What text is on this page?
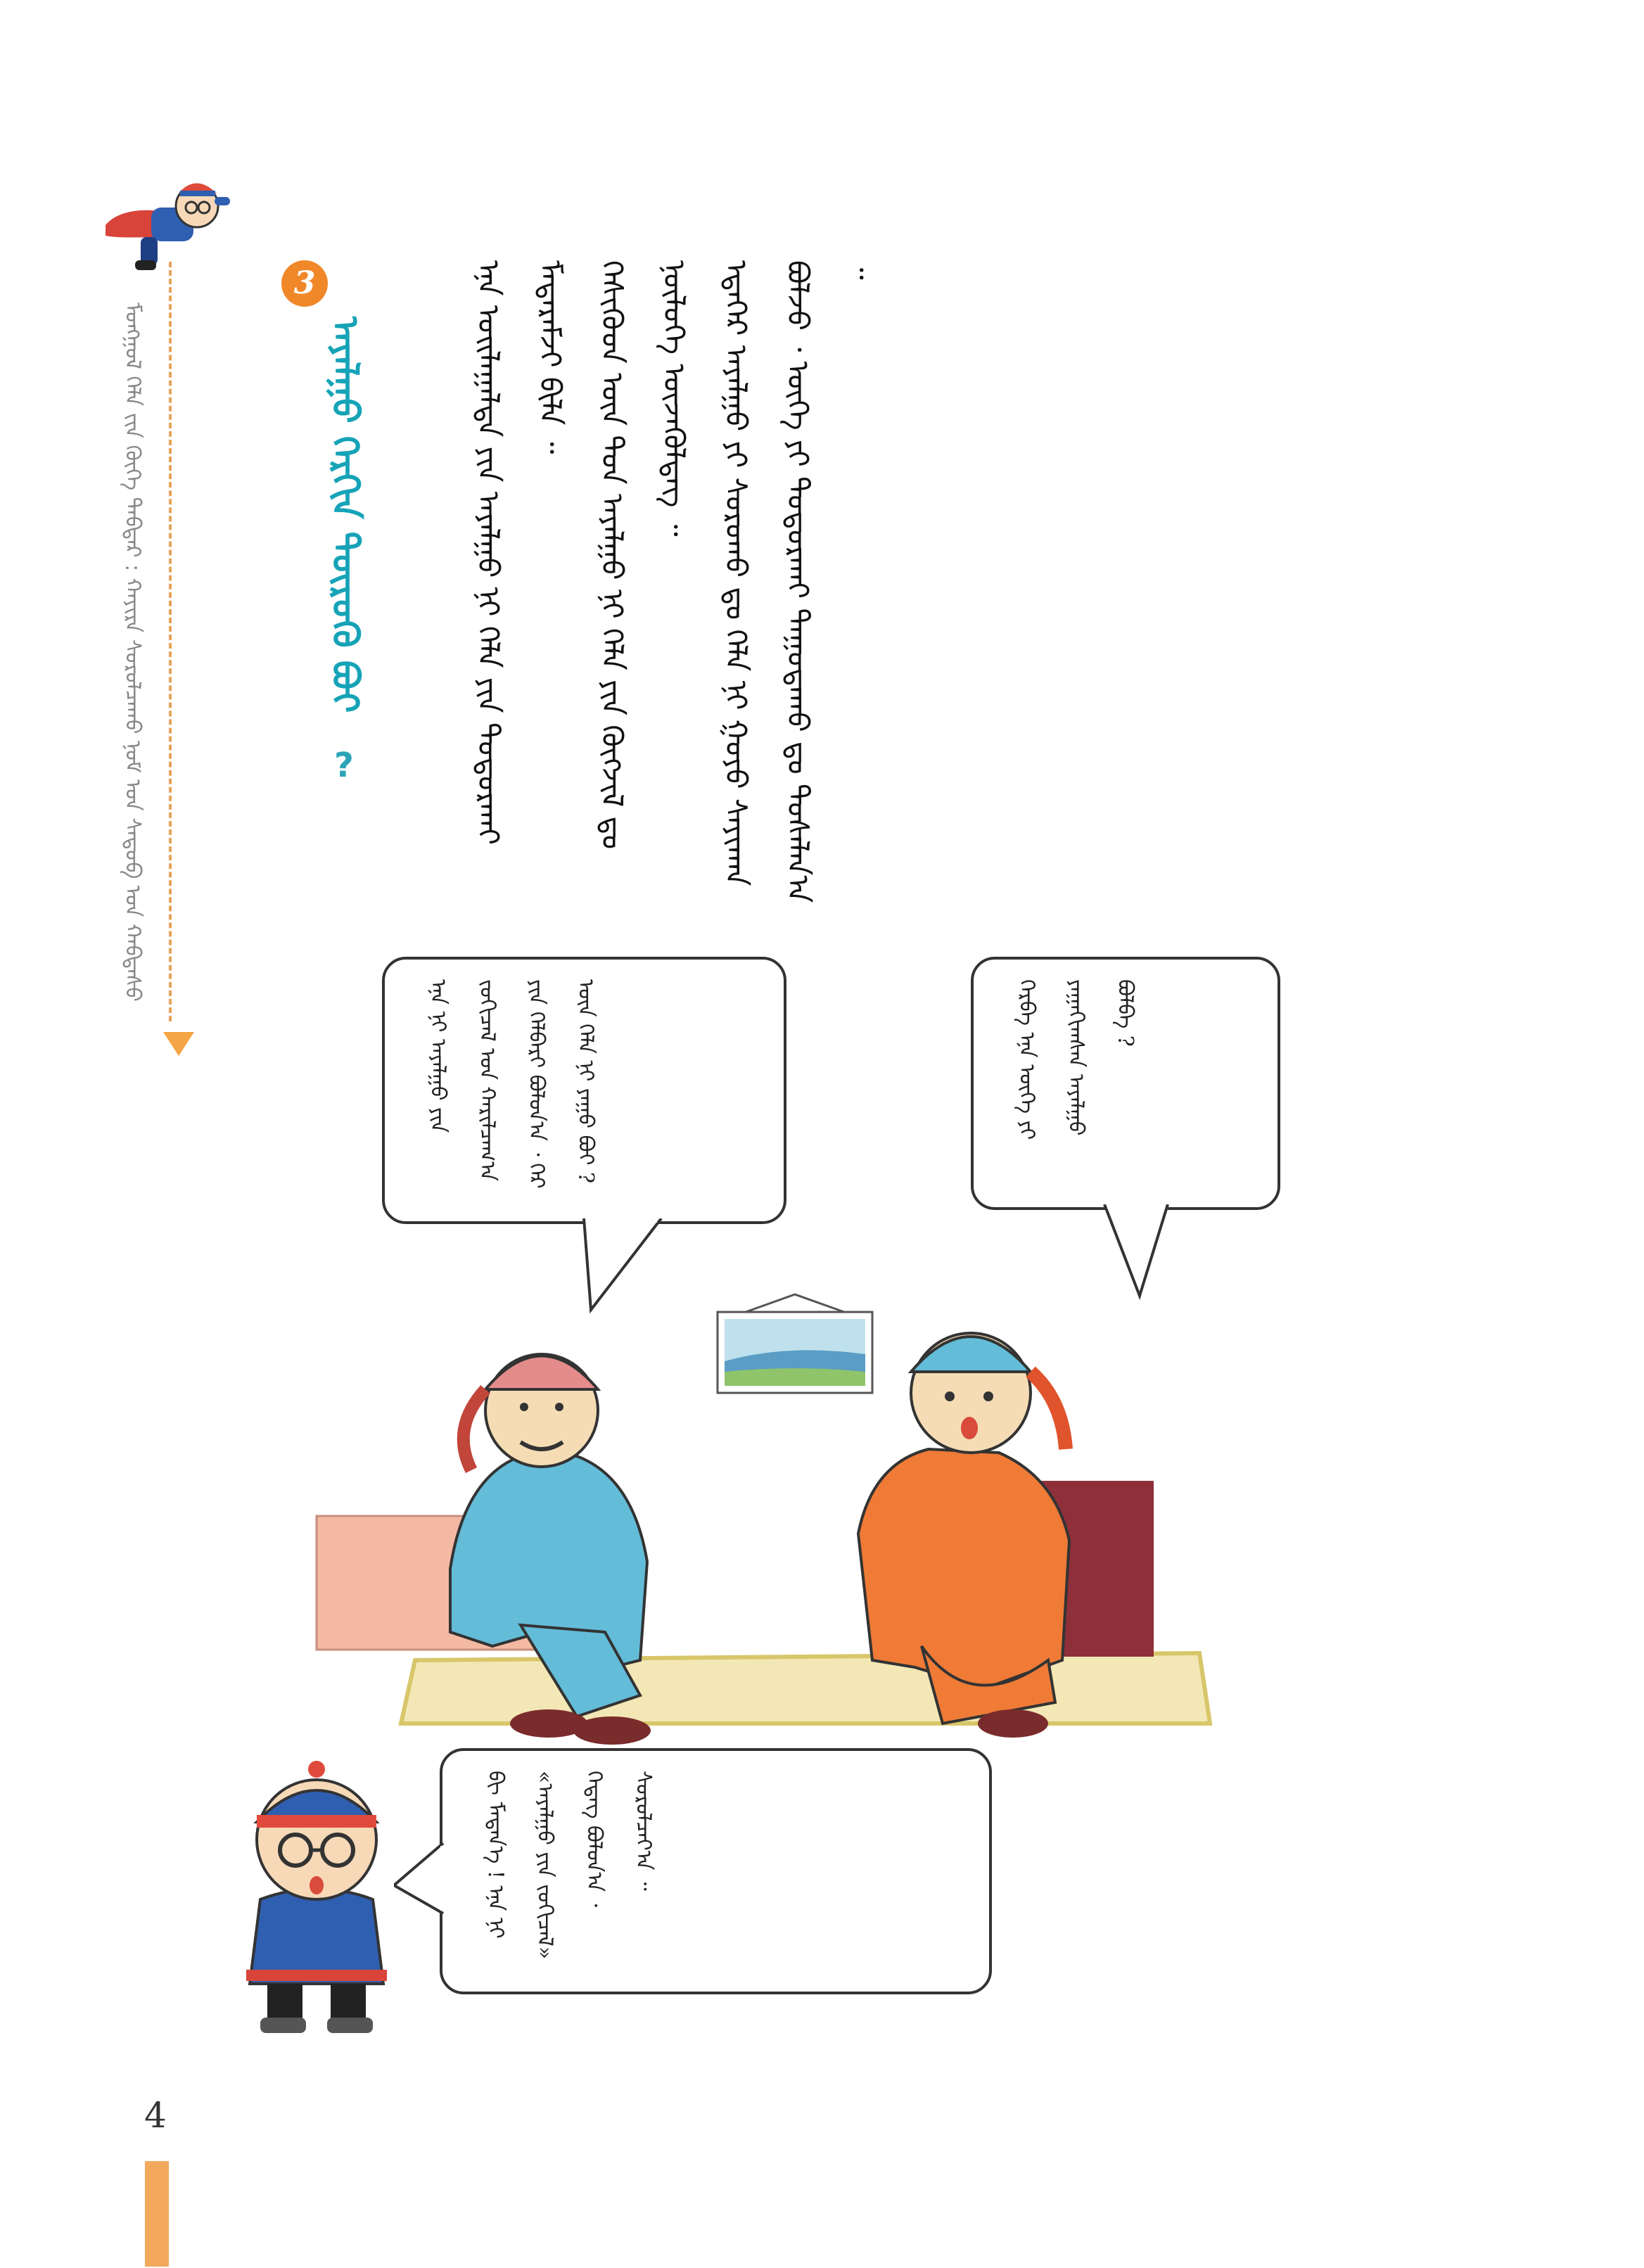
ᠮᠣᠩᠭᠣᠯ ᠬᠡᠯᠡ ᠵᠢᠨ ᠬᠥᠬᠡ ᠳᠡᠪᠲᠡᠷ : ᠬᠠᠶᠢᠷᠠ ᠰᠤᠷᠤᠯᠴᠠᠬᠤ ᠨᠣᠮ ᠤᠨ ᠰᠡᠳᠦᠪ ᠤᠨ ᠬᠠᠪᠲᠠᠰᠤ
3
ᠠᠶᠠᠯᠭᠤ ᠬᠡᠷᠬᠢᠨ ᠲᠥᠷᠥᠬᠦ ᠪᠤᠢ
?	ᠡᠨᠡ ᠣᠢᠯᠠᠭᠠᠯᠲᠠ ᠶᠢᠨ ᠠᠶᠠᠯᠭᠤ ᠨᠢ ᠬᠡᠯᠡ ᠶᠢᠨ ᠳᠤᠳᠤᠷᠬᠠᠢ ᠮᠡᠳᠡᠷᠡᠮᠵᠢ ᠪᠢᠯᠡ ᠃ ᠭᠡᠰᠢᠭᠦᠳ ᠦᠨ ᠳᠤᠨ ᠠᠶᠠᠯᠭᠤ ᠨᠢ ᠬᠡᠯᠡ ᠶᠢᠨ ᠬᠥᠭᠵᠢᠯ ᠳᠤ ᠨᠥᠯᠦᠭᠡ ᠦᠵᠡᠭᠦᠯᠳᠡᠭ ᠃ ᠡᠳᠡᠭᠡᠷ ᠠᠶᠠᠯᠭᠤ ᠶᠢ ᠰᠤᠷᠤᠬᠤ ᠳᠤ ᠬᠡᠯᠡ ᠨᠢ ᠭᠣᠶᠣ ᠰᠠᠶᠢᠬᠠᠨ ᠪᠣᠯᠵᠤ ᠂ ᠦᠭᠡ ᠶᠢ ᠲᠣᠳᠤᠷᠬᠠᠢ ᠳᠠᠭᠤᠳᠠᠬᠤ ᠳᠤ ᠲᠤᠰᠠᠯᠠᠨ᠎ᠠ ᠃

ᠬᠡᠷᠪᠡ ᠡᠨᠡ ᠦᠭᠡ ᠶᠢ ᠶᠠᠭᠠᠬᠢᠭᠰᠠᠨ ᠠᠶᠠᠯᠭᠤ ᠪᠣᠯᠪᠠ ?
ᠡᠨᠡ ᠨᠢ ᠠᠶᠠᠯᠭᠤ ᠶᠢᠨ ᠵᠣᠬᠢᠴᠠᠯ ᠤᠨ ᠬᠠᠷᠢᠯᠴᠠᠭ᠎ᠠ ᠶᠢᠨ ᠬᠡᠯᠪᠡᠷᠢ ᠪᠣᠯᠤᠨ᠎ᠠ ᠂ ᠭᠡᠷ ᠦᠨ ᠬᠡᠯᠡ ᠨᠢ ᠶᠠᠭᠤ ᠪᠣᠢ ?
ᠪᠢ ᠮᠡᠳᠡᠨ᠎ᠡ ! ᠡᠨᠡ ᠨᠢ «ᠠᠶᠠᠯᠭᠤ ᠶᠢᠨ ᠵᠣᠬᠢᠴᠠᠯ» ᠭᠡᠳᠡᠭ ᠪᠣᠯᠤᠨ᠎ᠠ ᠂ ᠰᠤᠷᠤᠯᠴᠠᠶ᠎ᠠ ᠃
4
